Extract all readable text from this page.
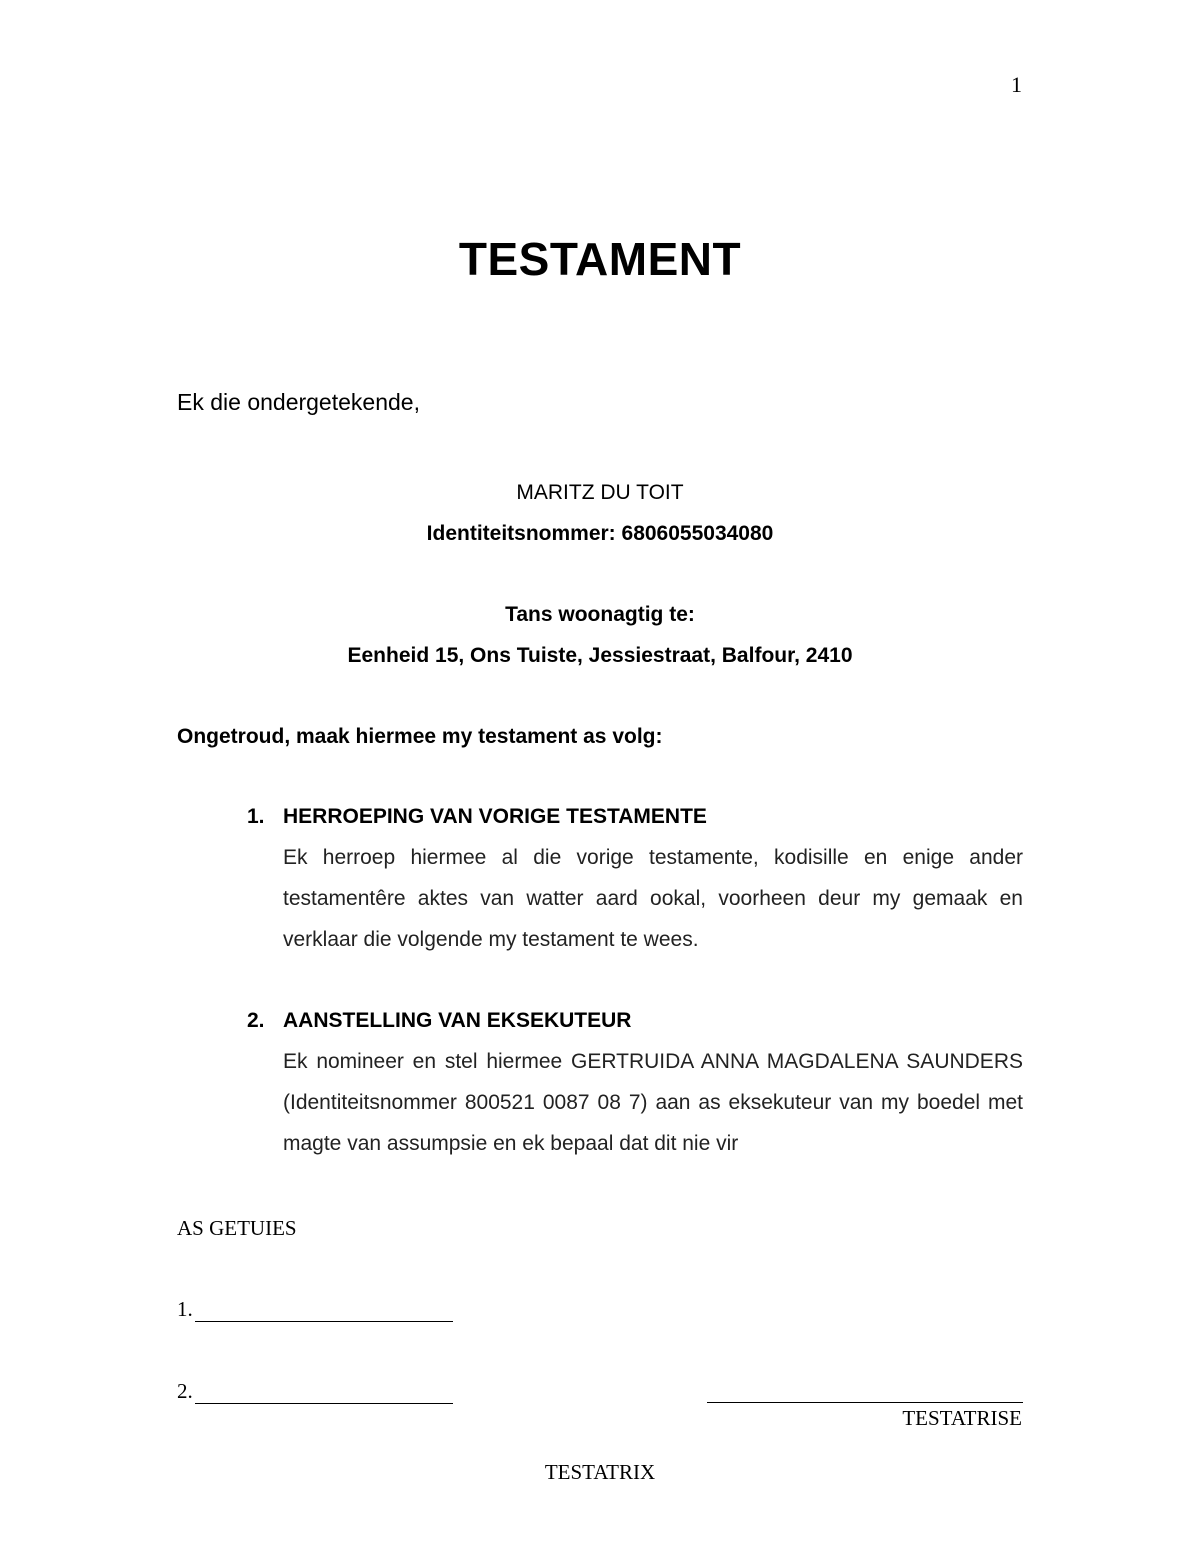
1
TESTAMENT

Ek die ondergetekende,

MARITZ DU TOIT

Identiteitsnommer: 6806055034080

Tans woonagtig te:

Eenheid 15, Ons Tuiste, Jessiestraat, Balfour, 2410

Ongetroud, maak hiermee my testament as volg:

1. HERROEPING VAN VORIGE TESTAMENTE
Ek herroep hiermee al die vorige testamente, kodisille en enige ander testamentêre aktes van watter aard ookal, voorheen deur my gemaak en verklaar die volgende my testament te wees.
2. AANSTELLING VAN EKSEKUTEUR
Ek nomineer en stel hiermee GERTRUIDA ANNA MAGDALENA SAUNDERS (Identiteitsnommer 800521 0087 08 7) aan as eksekuteur van my boedel met magte van assumpsie en ek bepaal dat dit nie vir

AS GETUIES

1.
2.

TESTATRISE

TESTATRIX
